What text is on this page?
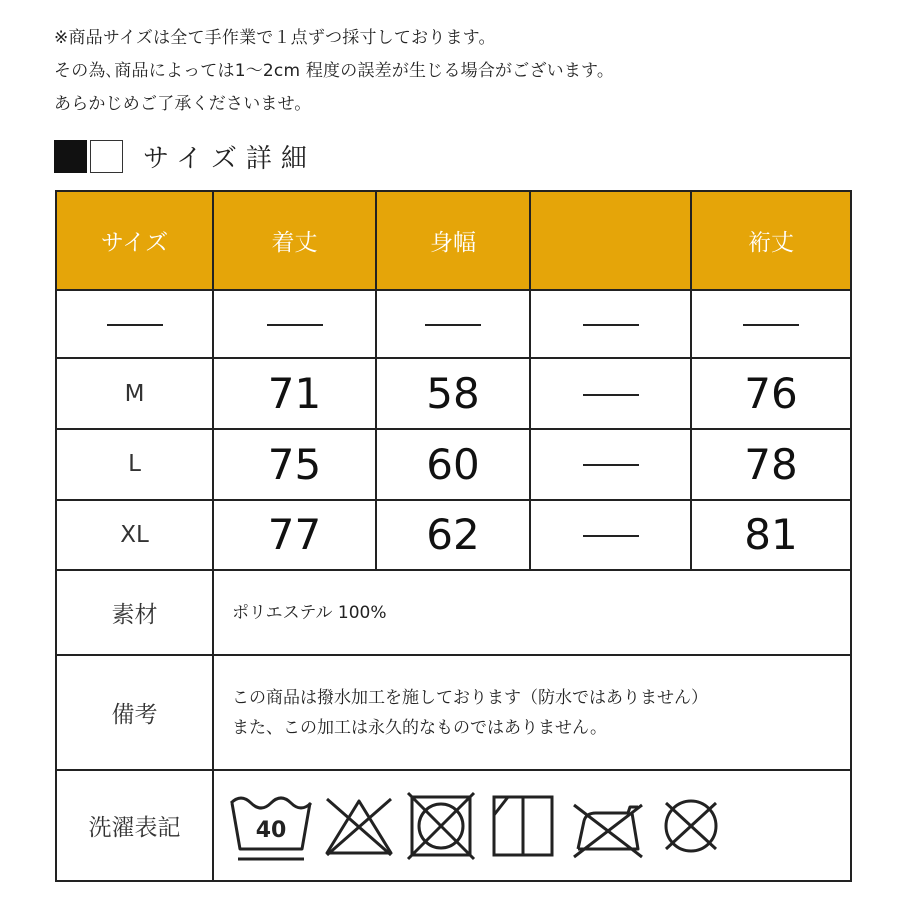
※商品サイズは全て手作業で１点ずつ採寸しております。
その為､商品によっては1〜2cm 程度の誤差が生じる場合がございます。
あらかじめご了承くださいませ。
サイズ詳細
サイズ	着丈	身幅		裄丈

M	71	58		76
L	75	60		78
XL	77	62		81
素材	ポリエステル 100%			
備考	この商品は撥水加工を施しております（防水ではありません）
また、この加工は永久的なものではありません。			

洗濯表記	40			
